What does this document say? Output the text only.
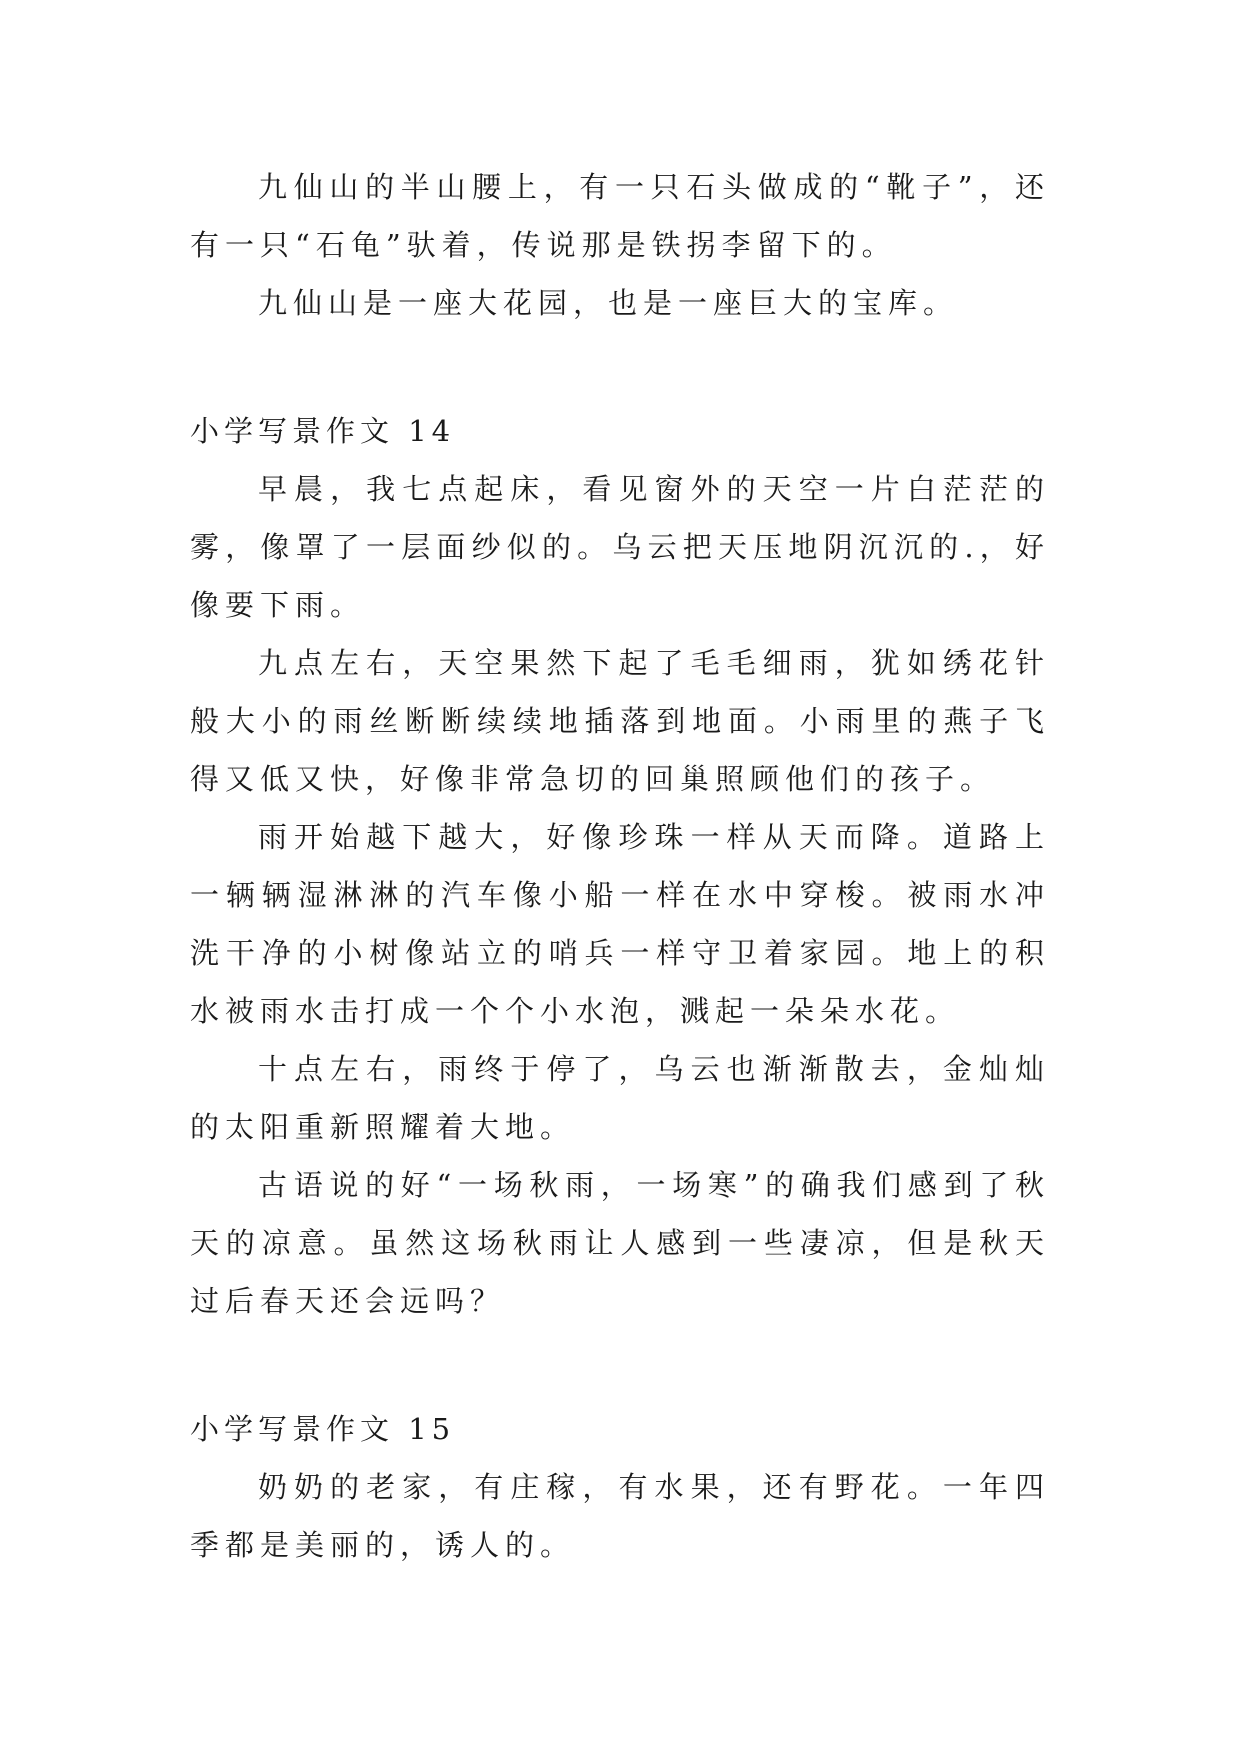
九仙山的半山腰上，有一只石头做成的“靴子”，还有一只“石龟”驮着，传说那是铁拐李留下的。

九仙山是一座大花园，也是一座巨大的宝库。

小学写景作文 14

早晨，我七点起床，看见窗外的天空一片白茫茫的雾，像罩了一层面纱似的。乌云把天压地阴沉沉的.，好像要下雨。

九点左右，天空果然下起了毛毛细雨，犹如绣花针般大小的雨丝断断续续地插落到地面。小雨里的燕子飞得又低又快，好像非常急切的回巢照顾他们的孩子。

雨开始越下越大，好像珍珠一样从天而降。道路上一辆辆湿淋淋的汽车像小船一样在水中穿梭。被雨水冲洗干净的小树像站立的哨兵一样守卫着家园。地上的积水被雨水击打成一个个小水泡，溅起一朵朵水花。

十点左右，雨终于停了，乌云也渐渐散去，金灿灿的太阳重新照耀着大地。

古语说的好“一场秋雨，一场寒”的确我们感到了秋天的凉意。虽然这场秋雨让人感到一些凄凉，但是秋天过后春天还会远吗？

小学写景作文 15

奶奶的老家，有庄稼，有水果，还有野花。一年四季都是美丽的，诱人的。
